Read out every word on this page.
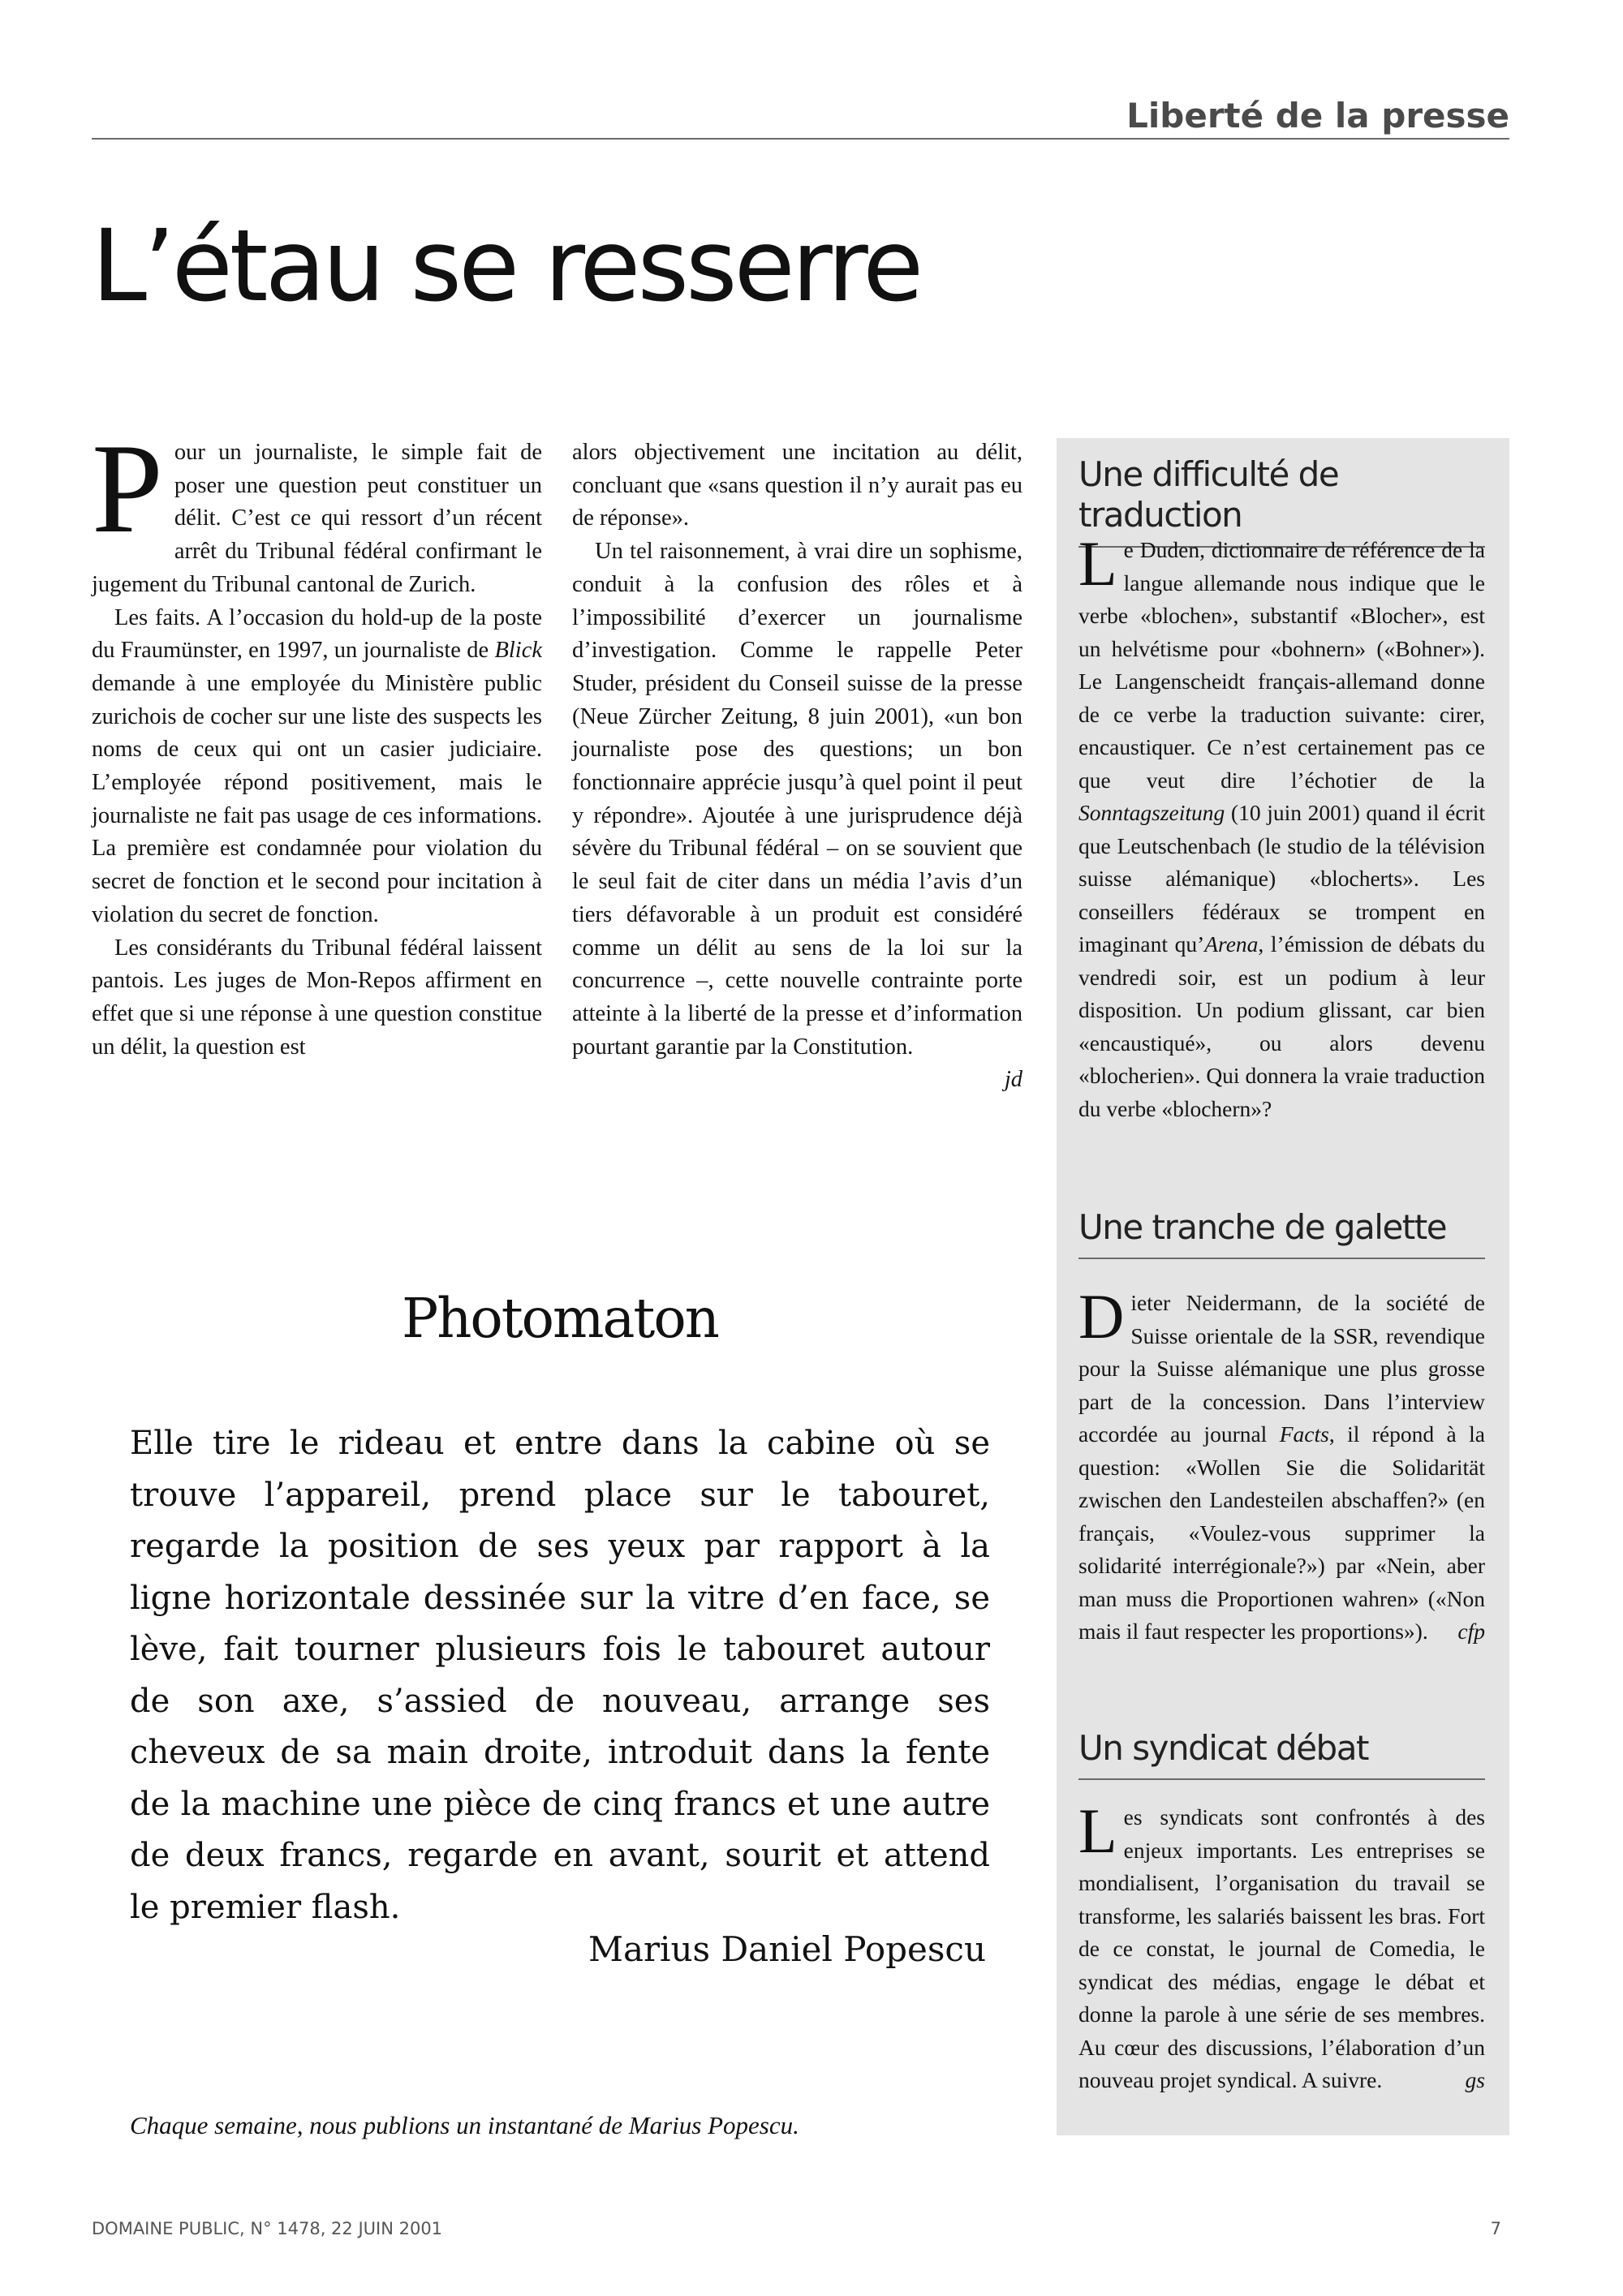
Liberté de la presse
L’étau se resserre

Pour un journaliste, le simple fait de poser une question peut constituer un délit. C’est ce qui ressort d’un récent arrêt du Tribunal fédéral confirmant le jugement du Tribunal cantonal de Zurich.

Les faits. A l’occasion du hold-up de la poste du Fraumünster, en 1997, un journaliste de Blick demande à une employée du Ministère public zurichois de cocher sur une liste des suspects les noms de ceux qui ont un casier judiciaire. L’employée répond positivement, mais le journaliste ne fait pas usage de ces informations. La première est condamnée pour violation du secret de fonction et le second pour incitation à violation du secret de fonction.

Les considérants du Tribunal fédéral laissent pantois. Les juges de Mon-Repos affirment en effet que si une réponse à une question constitue un délit, la question est

alors objectivement une incitation au délit, concluant que «sans question il n’y aurait pas eu de réponse».

Un tel raisonnement, à vrai dire un sophisme, conduit à la confusion des rôles et à l’impossibilité d’exercer un journalisme d’investigation. Comme le rappelle Peter Studer, président du Conseil suisse de la presse (Neue Zürcher Zeitung, 8 juin 2001), «un bon journaliste pose des questions; un bon fonctionnaire apprécie jusqu’à quel point il peut y répondre». Ajoutée à une jurisprudence déjà sévère du Tribunal fédéral – on se souvient que le seul fait de citer dans un média l’avis d’un tiers défavorable à un produit est considéré comme un délit au sens de la loi sur la concurrence –, cette nouvelle contrainte porte atteinte à la liberté de la presse et d’information pourtant garantie par la Constitution.

jd

Une difficulté de traduction

Le Duden, dictionnaire de référence de la langue allemande nous indique que le verbe «blochen», substantif «Blocher», est un helvétisme pour «bohnern» («Bohner»). Le Langenscheidt français-allemand donne de ce verbe la traduction suivante: cirer, encaustiquer. Ce n’est certainement pas ce que veut dire l’échotier de la Sonntagszeitung (10 juin 2001) quand il écrit que Leutschenbach (le studio de la télévision suisse alémanique) «blocherts». Les conseillers fédéraux se trompent en imaginant qu’Arena, l’émission de débats du vendredi soir, est un podium à leur disposition. Un podium glissant, car bien «encaustiqué», ou alors devenu «blocherien». Qui donnera la vraie traduction du verbe «blochern»?

Une tranche de galette

Dieter Neidermann, de la société de Suisse orientale de la SSR, revendique pour la Suisse alémanique une plus grosse part de la concession. Dans l’interview accordée au journal Facts, il répond à la question: «Wollen Sie die Solidarität zwischen den Landesteilen abschaffen?» (en français, «Voulez-vous supprimer la solidarité interrégionale?») par «Nein, aber man muss die Proportionen wahren» («Non mais il faut respecter les proportions»). cfp

Un syndicat débat

Les syndicats sont confrontés à des enjeux importants. Les entreprises se mondialisent, l’organisation du travail se transforme, les salariés baissent les bras. Fort de ce constat, le journal de Comedia, le syndicat des médias, engage le débat et donne la parole à une série de ses membres. Au cœur des discussions, l’élaboration d’un nouveau projet syndical. A suivre.	gs

Photomaton

Elle tire le rideau et entre dans la cabine où se trouve l’appareil, prend place sur le tabouret, regarde la position de ses yeux par rapport à la ligne horizontale dessinée sur la vitre d’en face, se lève, fait tourner plusieurs fois le tabouret autour de son axe, s’assied de nouveau, arrange ses cheveux de sa main droite, introduit dans la fente de la machine une pièce de cinq francs et une autre de deux francs, regarde en avant, sourit et attend le premier flash.

Marius Daniel Popescu

Chaque semaine, nous publions un instantané de Marius Popescu.

DOMAINE PUBLIC, N° 1478, 22 JUIN 2001	7
